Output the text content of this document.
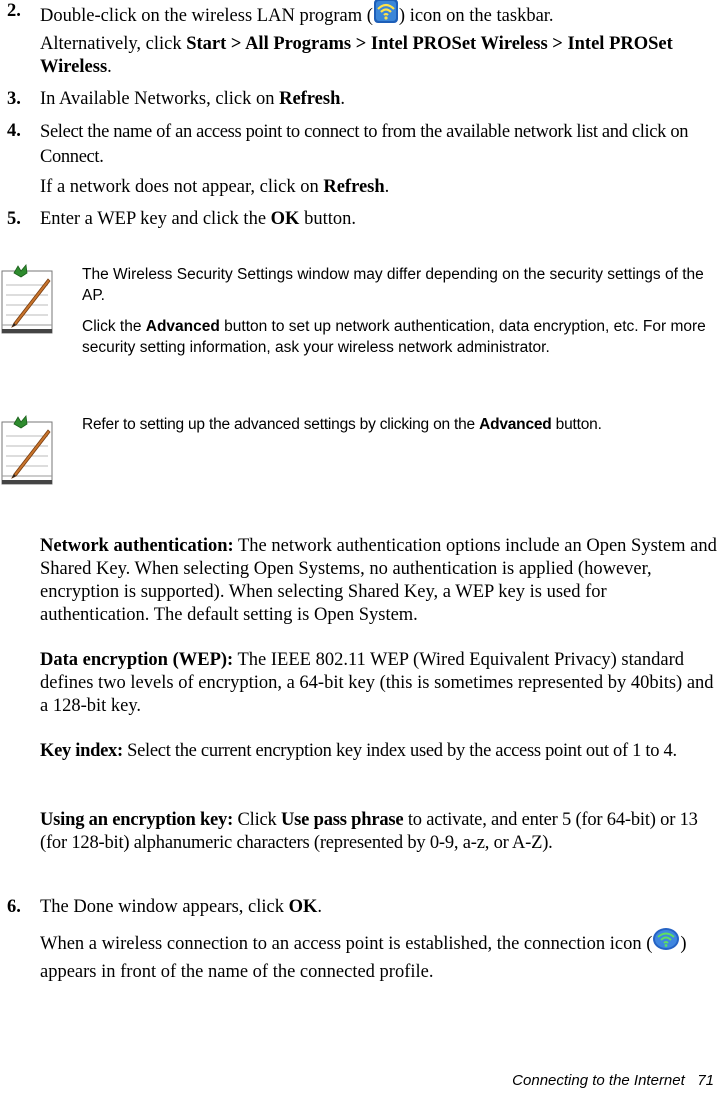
2. Double-click on the wireless LAN program ( ) icon on the taskbar.
Alternatively, click Start > All Programs > Intel PROSet Wireless > Intel PROSet Wireless.
3. In Available Networks, click on Refresh.
4. Select the name of an access point to connect to from the available network list and click on Connect.
If a network does not appear, click on Refresh.
5. Enter a WEP key and click the OK button.
The Wireless Security Settings window may differ depending on the security settings of the AP.
Click the Advanced button to set up network authentication, data encryption, etc. For more security setting information, ask your wireless network administrator.
Refer to setting up the advanced settings by clicking on the Advanced button.
Network authentication: The network authentication options include an Open System and Shared Key. When selecting Open Systems, no authentication is applied (however, encryption is supported). When selecting Shared Key, a WEP key is used for authentication. The default setting is Open System.
Data encryption (WEP): The IEEE 802.11 WEP (Wired Equivalent Privacy) standard defines two levels of encryption, a 64-bit key (this is sometimes represented by 40bits) and a 128-bit key.
Key index: Select the current encryption key index used by the access point out of 1 to 4.
Using an encryption key: Click Use pass phrase to activate, and enter 5 (for 64-bit) or 13 (for 128-bit) alphanumeric characters (represented by 0-9, a-z, or A-Z).
6. The Done window appears, click OK.
When a wireless connection to an access point is established, the connection icon ( ) appears in front of the name of the connected profile.
Connecting to the Internet 71
